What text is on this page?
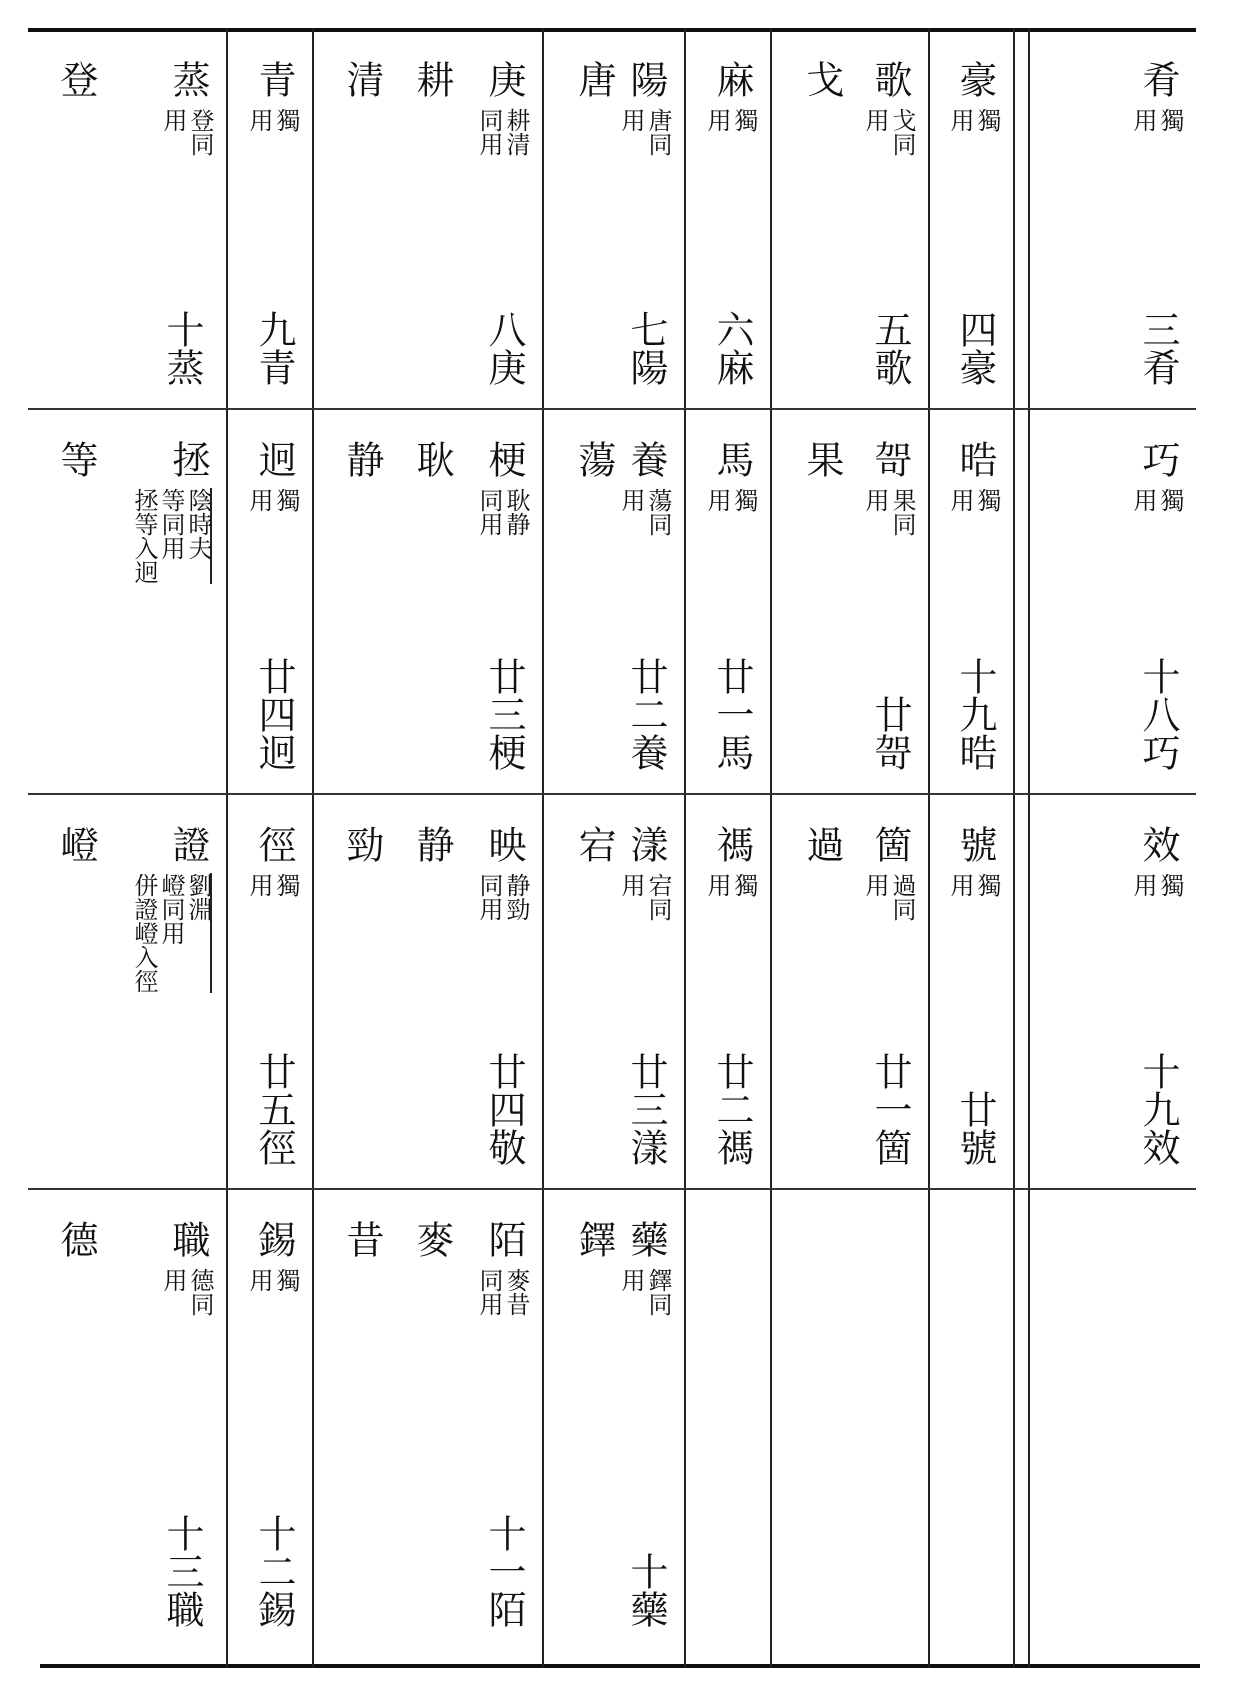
肴
獨
用
三肴
豪
獨
用
四豪
歌
戈同
用
戈
五歌
麻
獨
用
六麻
陽
唐同
用
唐
七陽
庚
耕清
同用
耕
清
八庚
青
獨
用
九青
蒸
登同
用
登
十蒸
巧
獨
用
十八巧
晧
獨
用
十九晧
哿
果同
用
果
廿哿
馬
獨
用
廿一馬
養
蕩同
用
蕩
廿二養
梗
耿静
同用
耿
静
廿三梗
迥
獨
用
廿四迥
拯
陰時夫
等同用
拯等入迥
等
效
獨
用
十九效
號
獨
用
廿號
箇
過同
用
過
廿一箇
禡
獨
用
廿二禡
漾
宕同
用
宕
廿三漾
映
静勁
同用
静
勁
廿四敬
徑
獨
用
廿五徑
證
劉淵
嶝同用
併證嶝入徑
嶝
藥
鐸同
用
鐸
十藥
陌
麥昔
同用
麥
昔
十一陌
錫
獨
用
十二錫
職
德同
用
德
十三職
